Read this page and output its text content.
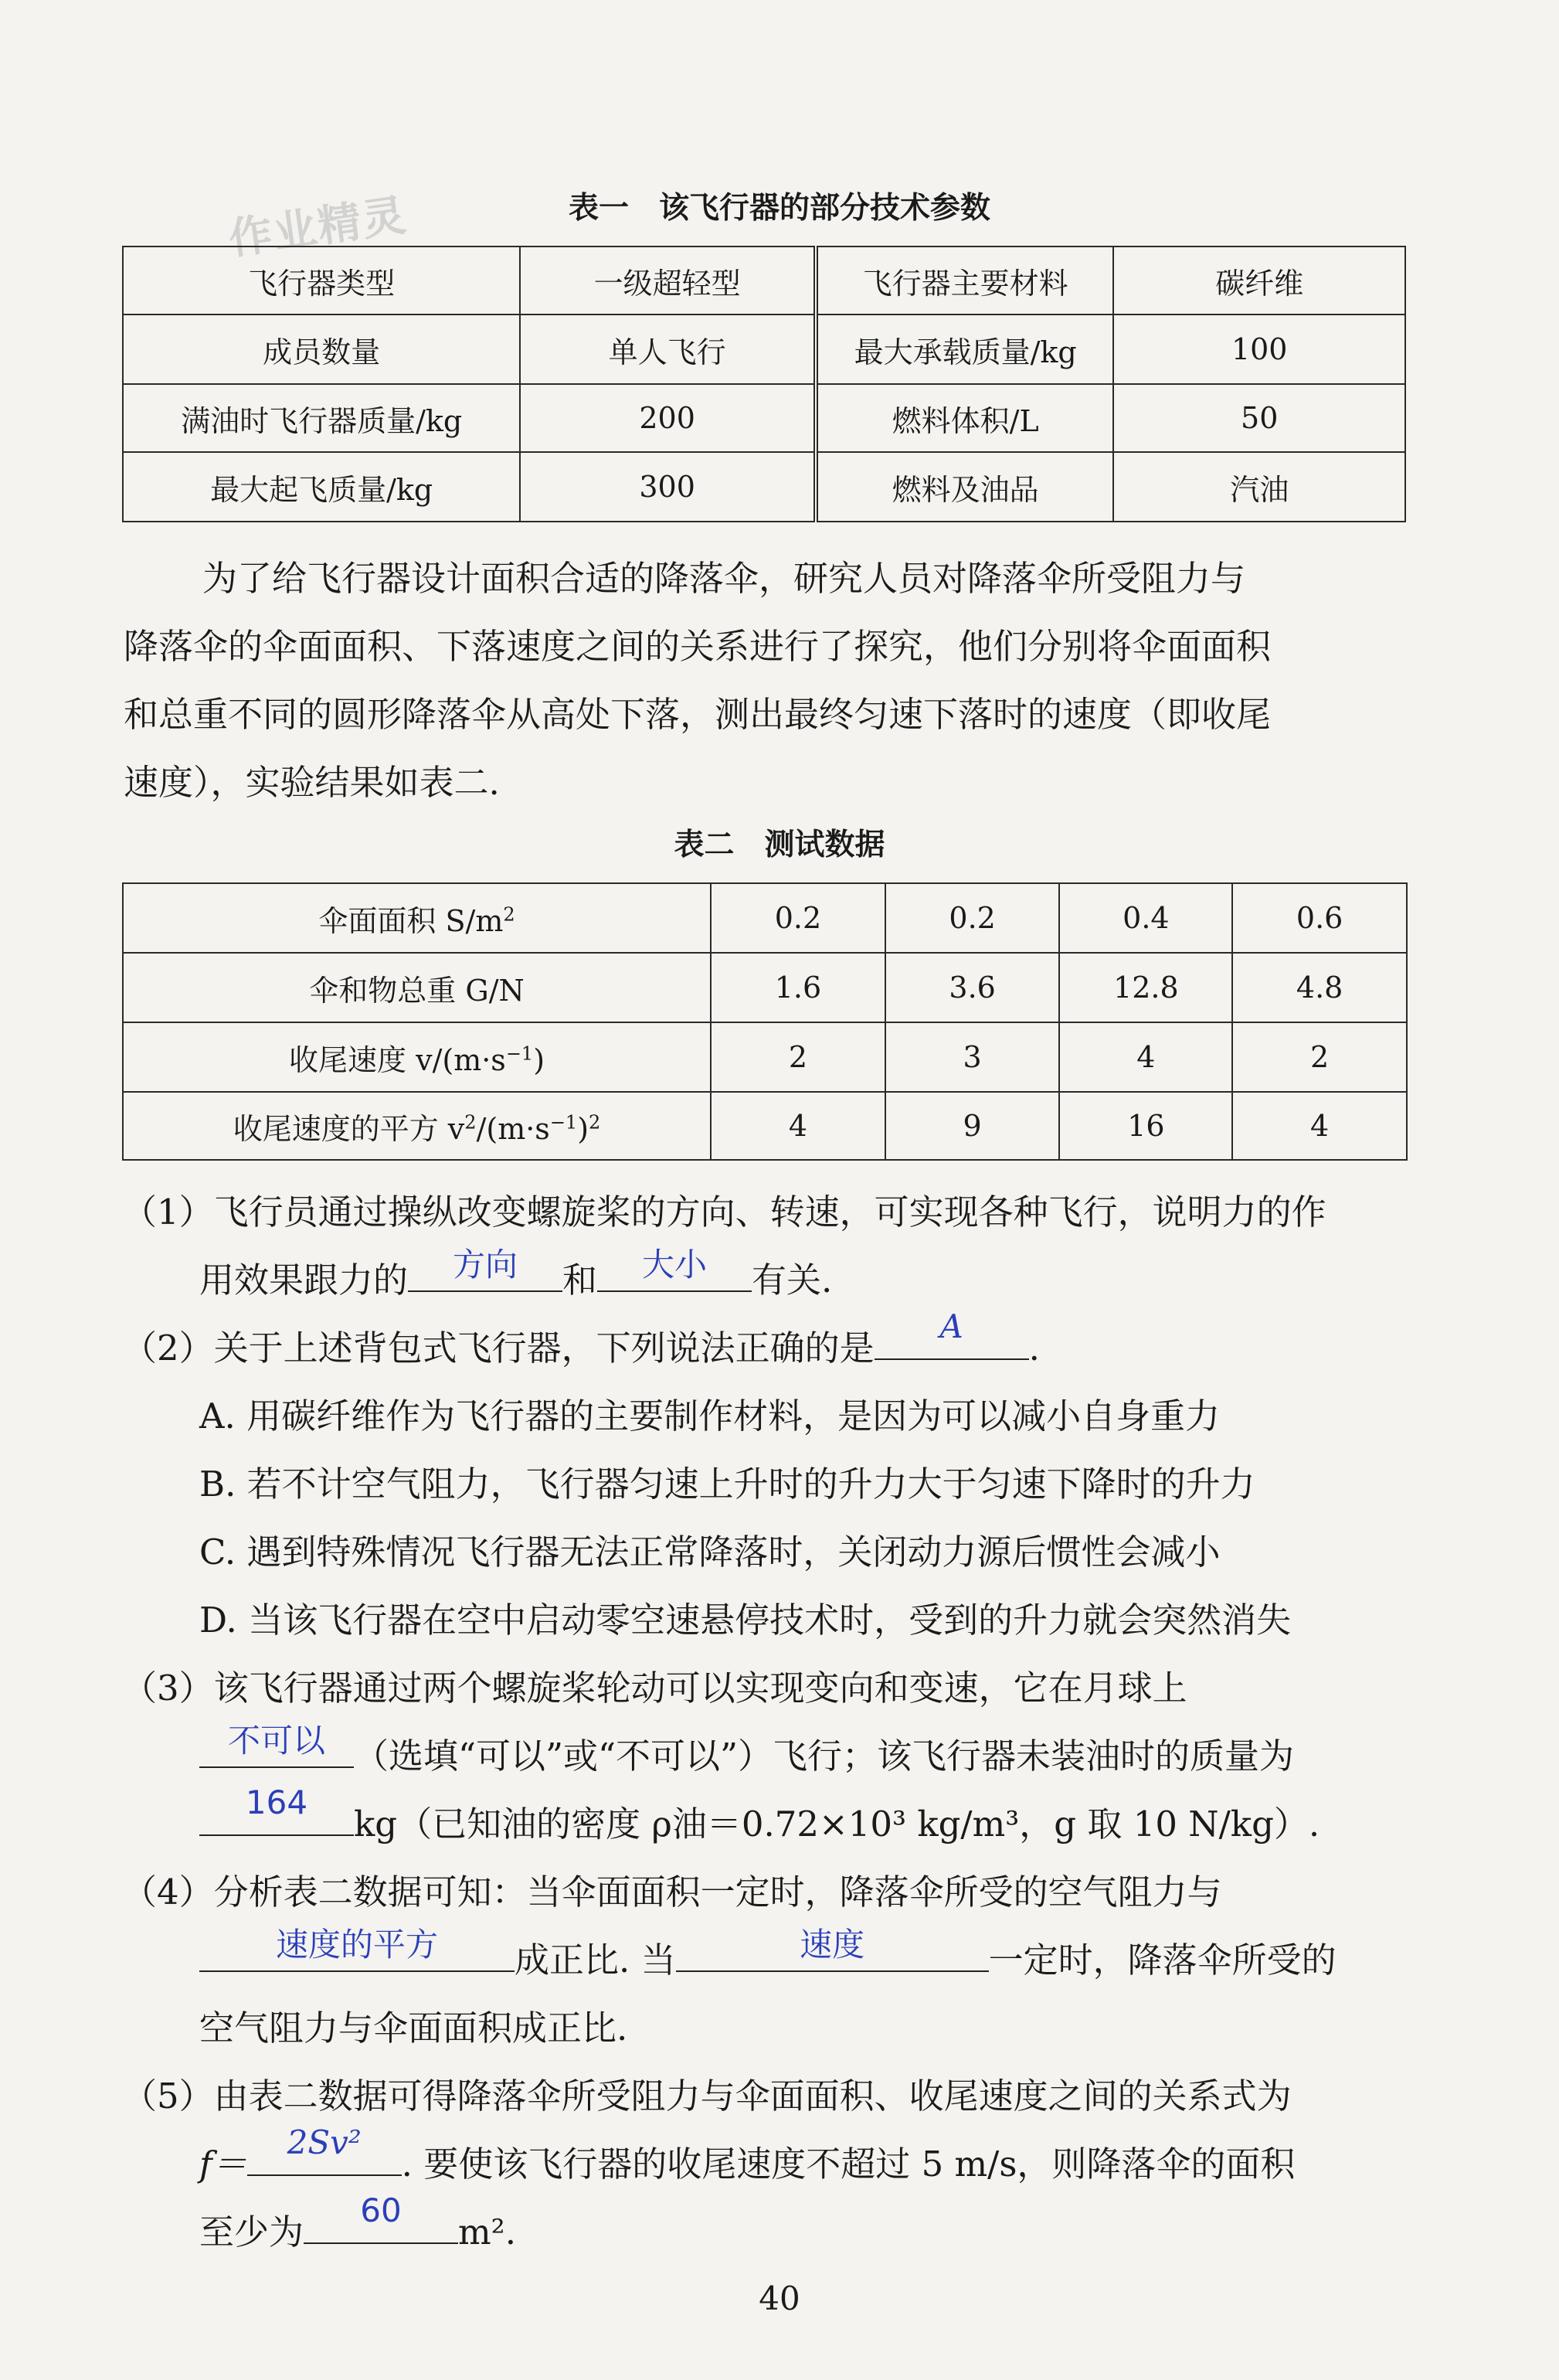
作业精灵	表一　该飞行器的部分技术参数
飞行器类型	一级超轻型	飞行器主要材料	碳纤维
成员数量	单人飞行	最大承载质量/kg	100
满油时飞行器质量/kg	200	燃料体积/L	50
最大起飞质量/kg	300	燃料及油品	汽油
为了给飞行器设计面积合适的降落伞，研究人员对降落伞所受阻力与
降落伞的伞面面积、下落速度之间的关系进行了探究，他们分别将伞面面积
和总重不同的圆形降落伞从高处下落，测出最终匀速下落时的速度（即收尾
速度），实验结果如表二.
表二　测试数据
伞面面积 $S/m^2$	0.2	0.2	0.4	0.6
伞和物总重 G/N	1.6	3.6	12.8	4.8
收尾速度 $v/(m\cdot s^{-1})$	2	3	4	2
收尾速度的平方 $v^2/(m\cdot s^{-1})^2$	4	9	16	4
（1）飞行员通过操纵改变螺旋桨的方向、转速，可实现各种飞行，说明力的作
用效果跟力的	方向	和	大小	有关.
（2）关于上述背包式飞行器，下列说法正确的是
A
.
A. 用碳纤维作为飞行器的主要制作材料，是因为可以减小自身重力
B. 若不计空气阻力，飞行器匀速上升时的升力大于匀速下降时的升力
C. 遇到特殊情况飞行器无法正常降落时，关闭动力源后惯性会减小
D. 当该飞行器在空中启动零空速悬停技术时，受到的升力就会突然消失
（3）该飞行器通过两个螺旋桨轮动可以实现变向和变速，它在月球上
不可以 （选填“可以”或“不可以”）飞行；该飞行器未装油时的质量为
164
kg（已知油的密度 ρ油＝0.72×10³ kg/m³，g 取 10 N/kg）.
（4）分析表二数据可知：当伞面面积一定时，降落伞所受的空气阻力与
速度的平方	成正比. 当	速度	一定时，降落伞所受的
空气阻力与伞面面积成正比.
（5）由表二数据可得降落伞所受阻力与伞面面积、收尾速度之间的关系式为
f＝
2Sv²
. 要使该飞行器的收尾速度不超过 5 m/s，则降落伞的面积
至少为
60
m².
40
